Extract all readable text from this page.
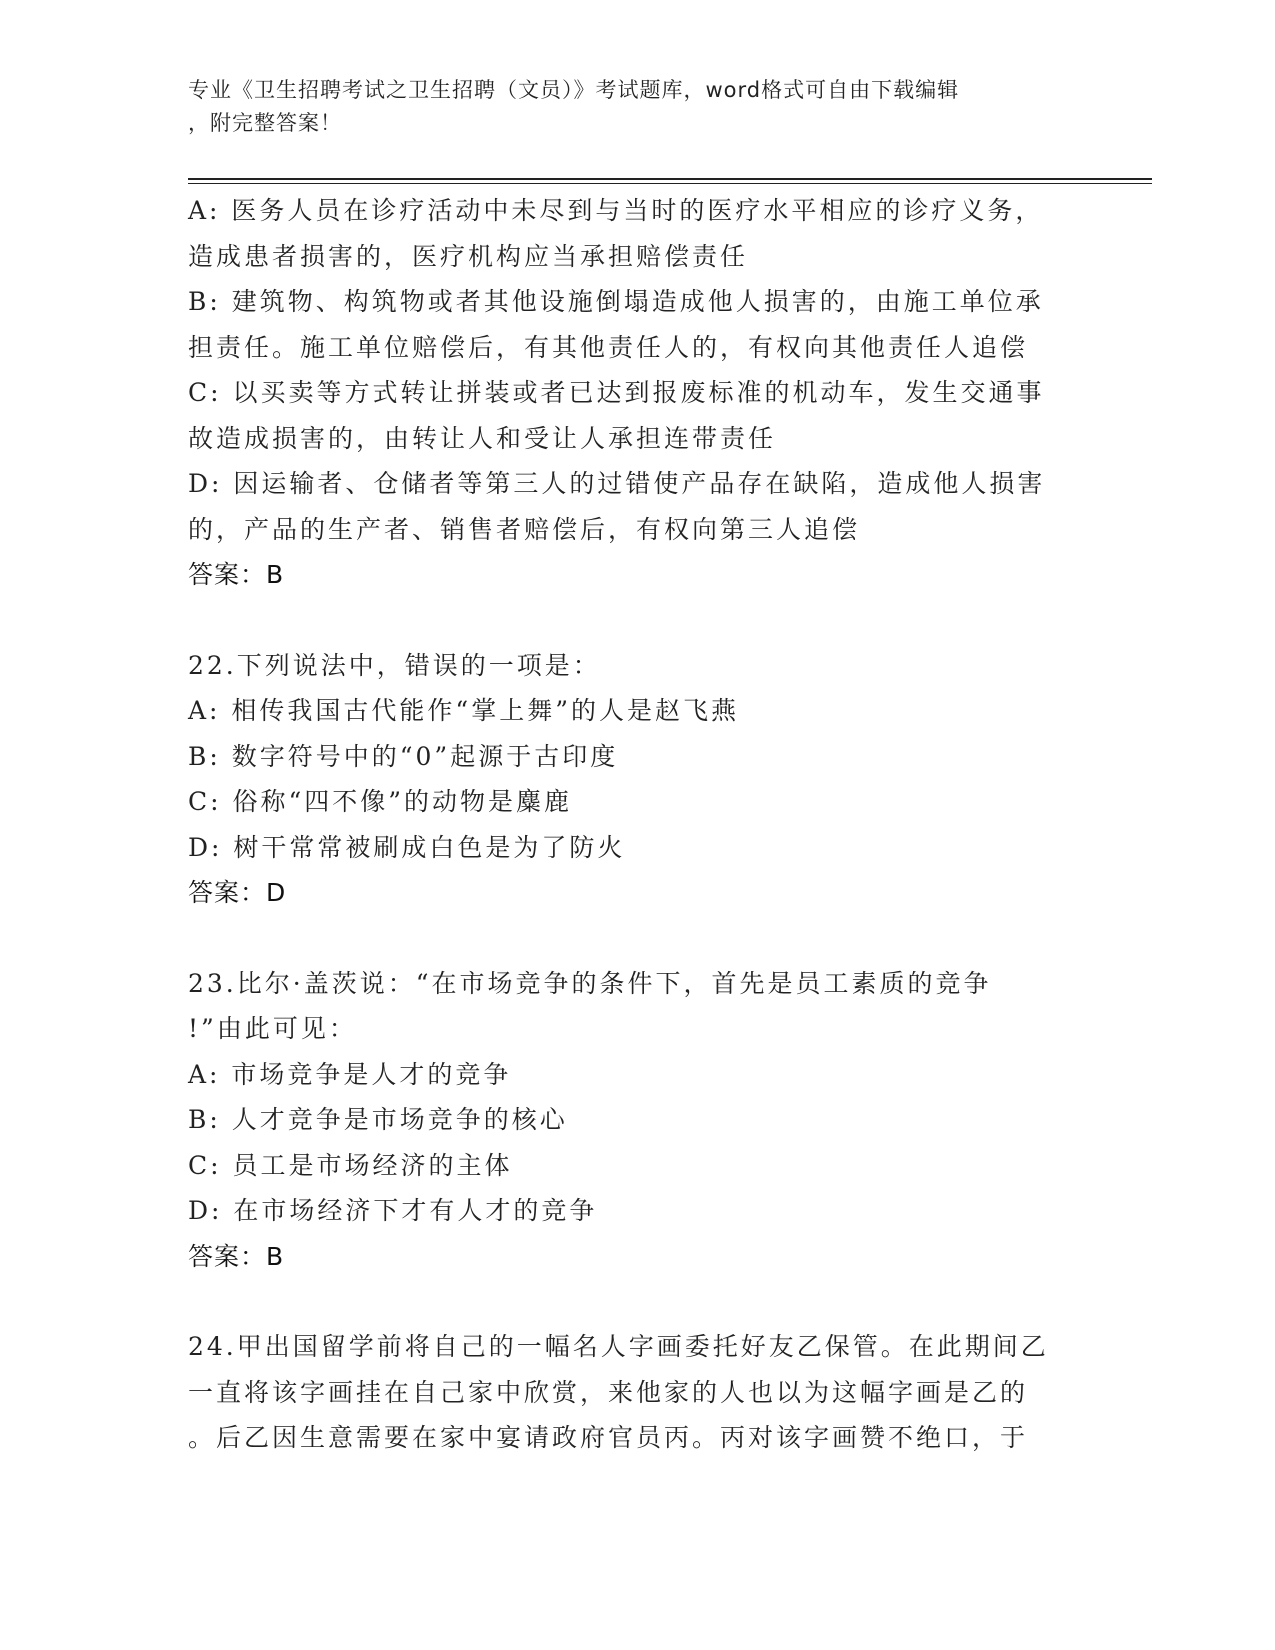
专业《卫生招聘考试之卫生招聘（文员）》考试题库，word格式可自由下载编辑
，附完整答案！
A: 医务人员在诊疗活动中未尽到与当时的医疗水平相应的诊疗义务，
造成患者损害的，医疗机构应当承担赔偿责任
B: 建筑物、构筑物或者其他设施倒塌造成他人损害的，由施工单位承
担责任。施工单位赔偿后，有其他责任人的，有权向其他责任人追偿
C: 以买卖等方式转让拼装或者已达到报废标准的机动车，发生交通事
故造成损害的，由转让人和受让人承担连带责任
D: 因运输者、仓储者等第三人的过错使产品存在缺陷，造成他人损害
的，产品的生产者、销售者赔偿后，有权向第三人追偿
答案：B
22.下列说法中，错误的一项是：
A: 相传我国古代能作“掌上舞”的人是赵飞燕
B: 数字符号中的“0”起源于古印度
C: 俗称“四不像”的动物是麋鹿
D: 树干常常被刷成白色是为了防火
答案：D
23.比尔·盖茨说：“在市场竞争的条件下，首先是员工素质的竞争
!”由此可见：
A: 市场竞争是人才的竞争
B: 人才竞争是市场竞争的核心
C: 员工是市场经济的主体
D: 在市场经济下才有人才的竞争
答案：B
24.甲出国留学前将自己的一幅名人字画委托好友乙保管。在此期间乙
一直将该字画挂在自己家中欣赏，来他家的人也以为这幅字画是乙的
。后乙因生意需要在家中宴请政府官员丙。丙对该字画赞不绝口，于
